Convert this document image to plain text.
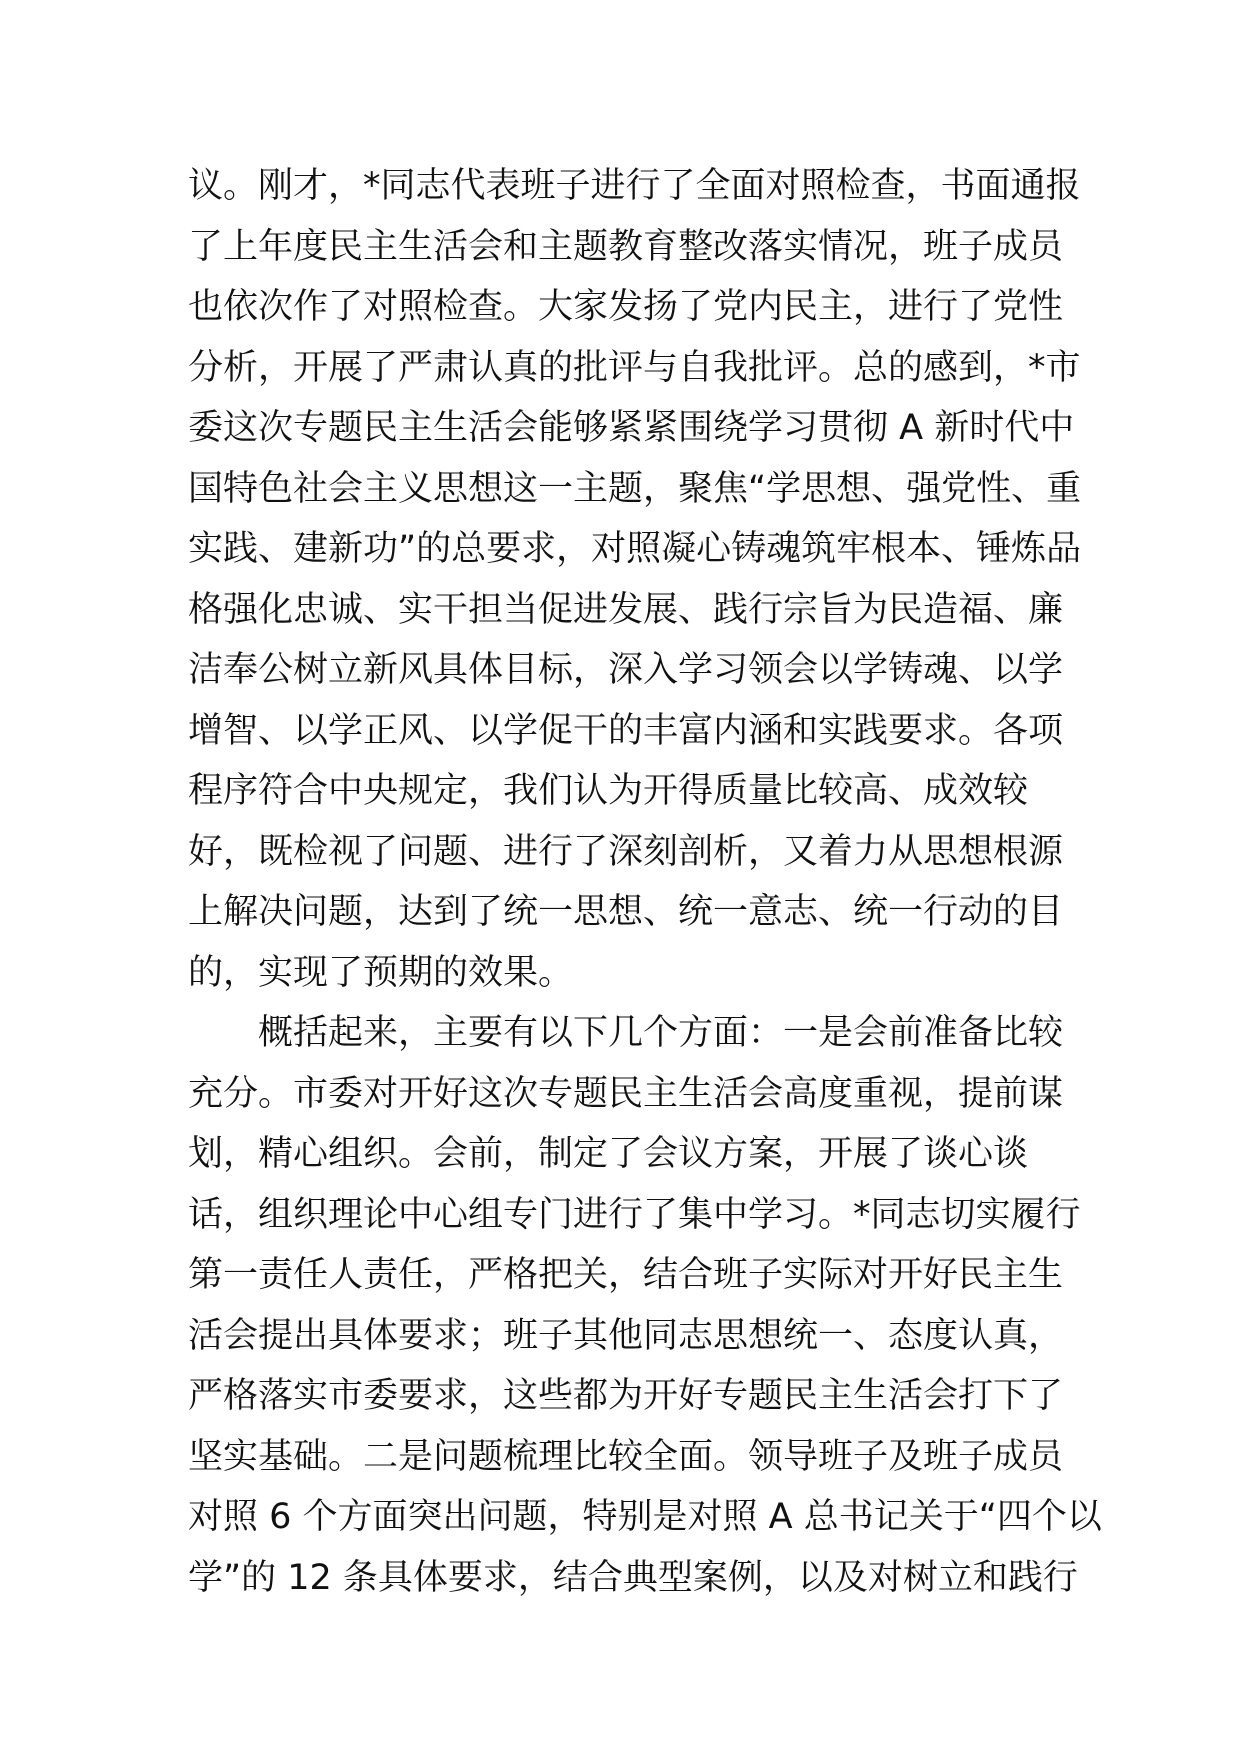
议。刚才，*同志代表班子进行了全面对照检查，书面通报
了上年度民主生活会和主题教育整改落实情况，班子成员
也依次作了对照检查。大家发扬了党内民主，进行了党性
分析，开展了严肃认真的批评与自我批评。总的感到，*市
委这次专题民主生活会能够紧紧围绕学习贯彻 A 新时代中
国特色社会主义思想这一主题，聚焦“学思想、强党性、重
实践、建新功”的总要求，对照凝心铸魂筑牢根本、锤炼品
格强化忠诚、实干担当促进发展、践行宗旨为民造福、廉
洁奉公树立新风具体目标，深入学习领会以学铸魂、以学
增智、以学正风、以学促干的丰富内涵和实践要求。各项
程序符合中央规定，我们认为开得质量比较高、成效较
好，既检视了问题、进行了深刻剖析，又着力从思想根源
上解决问题，达到了统一思想、统一意志、统一行动的目
的，实现了预期的效果。
概括起来，主要有以下几个方面：一是会前准备比较
充分。市委对开好这次专题民主生活会高度重视，提前谋
划，精心组织。会前，制定了会议方案，开展了谈心谈
话，组织理论中心组专门进行了集中学习。*同志切实履行
第一责任人责任，严格把关，结合班子实际对开好民主生
活会提出具体要求；班子其他同志思想统一、态度认真，
严格落实市委要求，这些都为开好专题民主生活会打下了
坚实基础。二是问题梳理比较全面。领导班子及班子成员
对照 6 个方面突出问题，特别是对照 A 总书记关于“四个以
学”的 12 条具体要求，结合典型案例，以及对树立和践行
